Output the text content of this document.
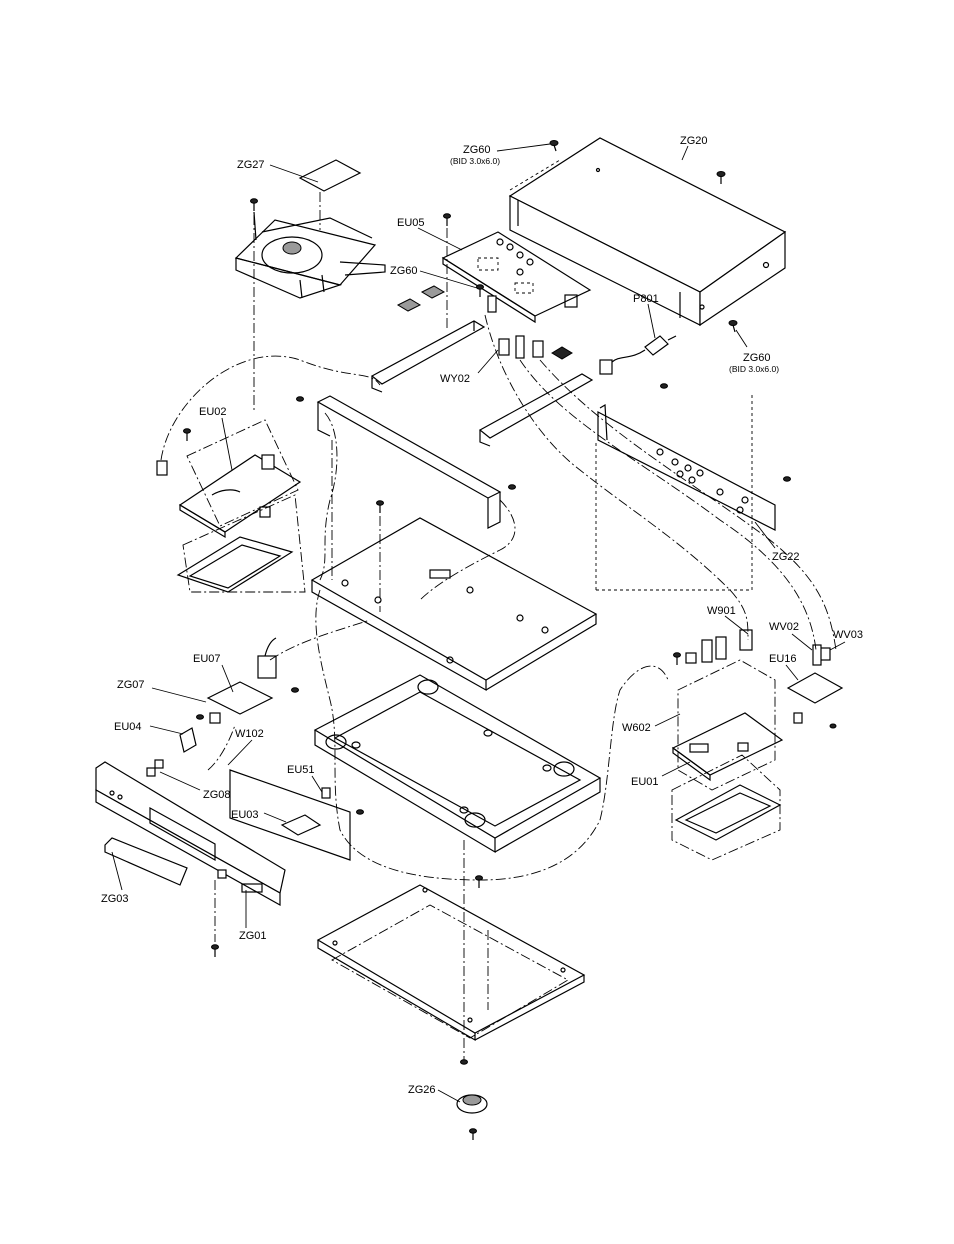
ZG60
(BID 3.0x6.0)
ZG20
ZG27
EU05
ZG60
P801
ZG60
(BID 3.0x6.0)
WY02
EU02
ZG22
W901
WV02
WV03
EU16
EU07
ZG07
EU04
W102
EU51
ZG08
EU03
W602
EU01
ZG03
ZG01
ZG26
